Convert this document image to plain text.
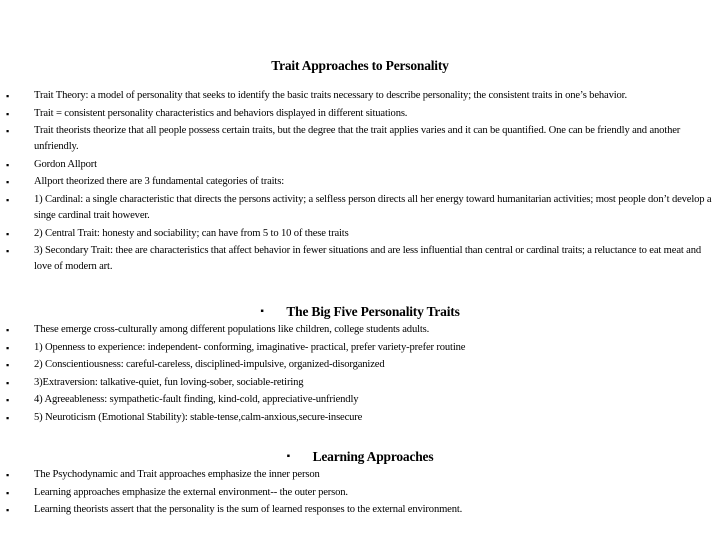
Trait Approaches to Personality
▪ Trait Theory: a model of personality that seeks to identify the basic traits necessary to describe personality; the consistent traits in one’s behavior.
▪ Trait = consistent personality characteristics and behaviors displayed in different situations.
▪ Trait theorists theorize that all people possess certain traits, but the degree that the trait applies varies and it can be quantified. One can be friendly and another unfriendly.
▪ Gordon Allport
▪ Allport theorized there are 3 fundamental categories of traits:
▪ 1) Cardinal: a single characteristic that directs the persons activity; a selfless person directs all her energy toward humanitarian activities; most people don’t develop a singe cardinal trait however.
▪ 2) Central Trait: honesty and sociability; can have from 5 to 10 of these traits
▪ 3) Secondary Trait: thee are characteristics that affect behavior in fewer situations and are less influential than central or cardinal traits; a reluctance to eat meat and love of modern art.
▪ The Big Five Personality Traits
▪ These emerge cross-culturally among different populations like children, college students adults.
▪ 1) Openness to experience: independent- conforming, imaginative- practical, prefer variety-prefer routine
▪ 2) Conscientiousness: careful-careless, disciplined-impulsive, organized-disorganized
▪ 3)Extraversion: talkative-quiet, fun loving-sober, sociable-retiring
▪ 4) Agreeableness: sympathetic-fault finding, kind-cold, appreciative-unfriendly
▪ 5) Neuroticism (Emotional Stability): stable-tense,calm-anxious,secure-insecure
▪ Learning Approaches
▪ The Psychodynamic and Trait approaches emphasize the inner person
▪ Learning approaches emphasize the external environment-- the outer person.
▪ Learning theorists assert that the personality is the sum of learned responses to the external environment.
